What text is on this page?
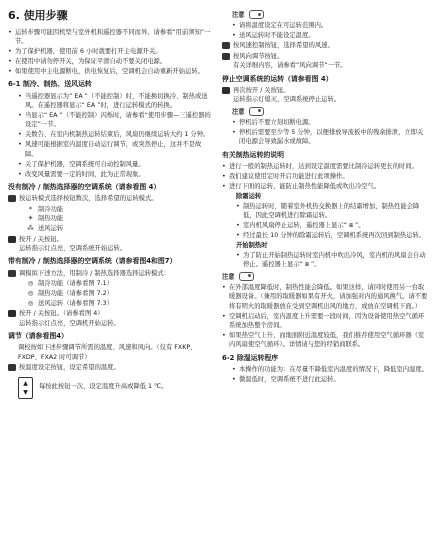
6. 使用步骤
• 运转步骤可能因机型与室外机和遥控器不同而异。请参看“用前须知”一节。
• 为了保护机器，使用前 6 小时就要打开主电源开关。
• 在使用中请勿停开关，为保证平滑自动不要关闭电源。
• 如果使用中主电源断电，供电恢复后，空调机会自动重新开始运转。
6-1 制冷、制热、送风运转
• 当遥控器显示为“ EA ”（不能控制）时，不能换切换冷、制热或送风。在遥控器将显示“ EA ”时，进行运转模式的转换。
• 当显示“ EA ”（不能控制）闪烁时，请参看“使用步骤—三遥控器的设定”一节。
• 关数告、在室内机制热运转结束后，风扇仍继续运转大约 1 分钟。
• 风速可能根据室内温度自动运行调节，或突然停止，这并不是故障。
• 关了保护机器，空调系统可自动控制风量。
• 改变风量需要一定的时间，此为正常现象。
没有制冷 / 制热选择器的空调系统（请参看图 4）
按运转模式选择按钮数次，选择希望的运转模式。
* 制冷功能
☀ 制热功能
⁂ 送风运转
按开 / 关按钮。
运转指示灯点亮，空调系统开始运转。
带有制冷 / 制热选择器的空调系统（请参看图4和图7）
调模拟下述方法，用制冷 / 制热选择器选择运转模式：
◎ 制冷功能（请参看图 7.1）
◎ 制热功能（请参看图 7.2）
◎ 送风运转（请参看图 7.3）
按开 / 关按钮。（请参看图 4）
运转指示灯点亮，空调机开始运转。
调节（请参看图4）
调校按如下述步骤调节所需的温度、风速和风向。（仅有 FXKP、FXDP、FXA2 时可调节）
按温度设定按钮，设定希望的温度。
▲
▼
每按此按钮一次，设定温度升高或降低 1 ℃。
注意
• 请将温度设定在可运转范围内。
• 送风运转时不能设定温度。
按风速控制按钮，选择希望的风速。
按风向调节按钮。
有关详细内容，请参看“风向调节”一节。
停止空调系统的运转（请参看图 4）
再次按开 / 关按钮。
运转指示灯熄灭，空调系统停止运转。
注意
• 停机后不要立刻切断电源。
• 停机后需要至少等 5 分钟，以便排放导流板中的残余排泄，立即关闭电源会导致漏水或故障。
有关制热运转的说明
• 进行一般的制热运转时，达到设定温度需要比制冷运转更长的时间。
• 我们建议使用定时开启功能进行此项操作。
• 进行下面的运转，能防止制热性能降低或吹出冷空气。
除霜运转
• 制热运转时，随着室外机热交换器上的结霜增加，制热性能会降低，因此空调机进行除霜运转。
• 室内机风扇停止运转，遥控器上显示“ ⧈ ”。
• 经过最长 10 分钟的除霜运转后，空调机系统再次回到制热运转。
开始制热时
• 为了防止开始制热运转时室内机中吹出冷风，室内机的风扇会自动停止。遥控器上显示“ ⧈ ”。
注意
• 在外部温度降低时，制热性能会降低。如果这样，请同时使用另一台取暖器设备。（兼用的取暖器如果有开火，请加强对内的通风换气。请不要将有明火的取暖器放在受到空调机出风的地方，或放在空调机下面。）
• 空调机启动后，室内温度上升需要一段时间，因为设备使用热空气循环系统加热整个房间。
• 如果热空气上升，而地面附近温度较低，我们推荐使用空气循环器（室内风扇使空气循环）。详情请与您的经销商联系。
6-2 除湿运转程序
• 本操作的功能为：在尽量不降低室内温度的情况下，降低室内湿度。
• 微温低时，空调系统不进行此运转。
